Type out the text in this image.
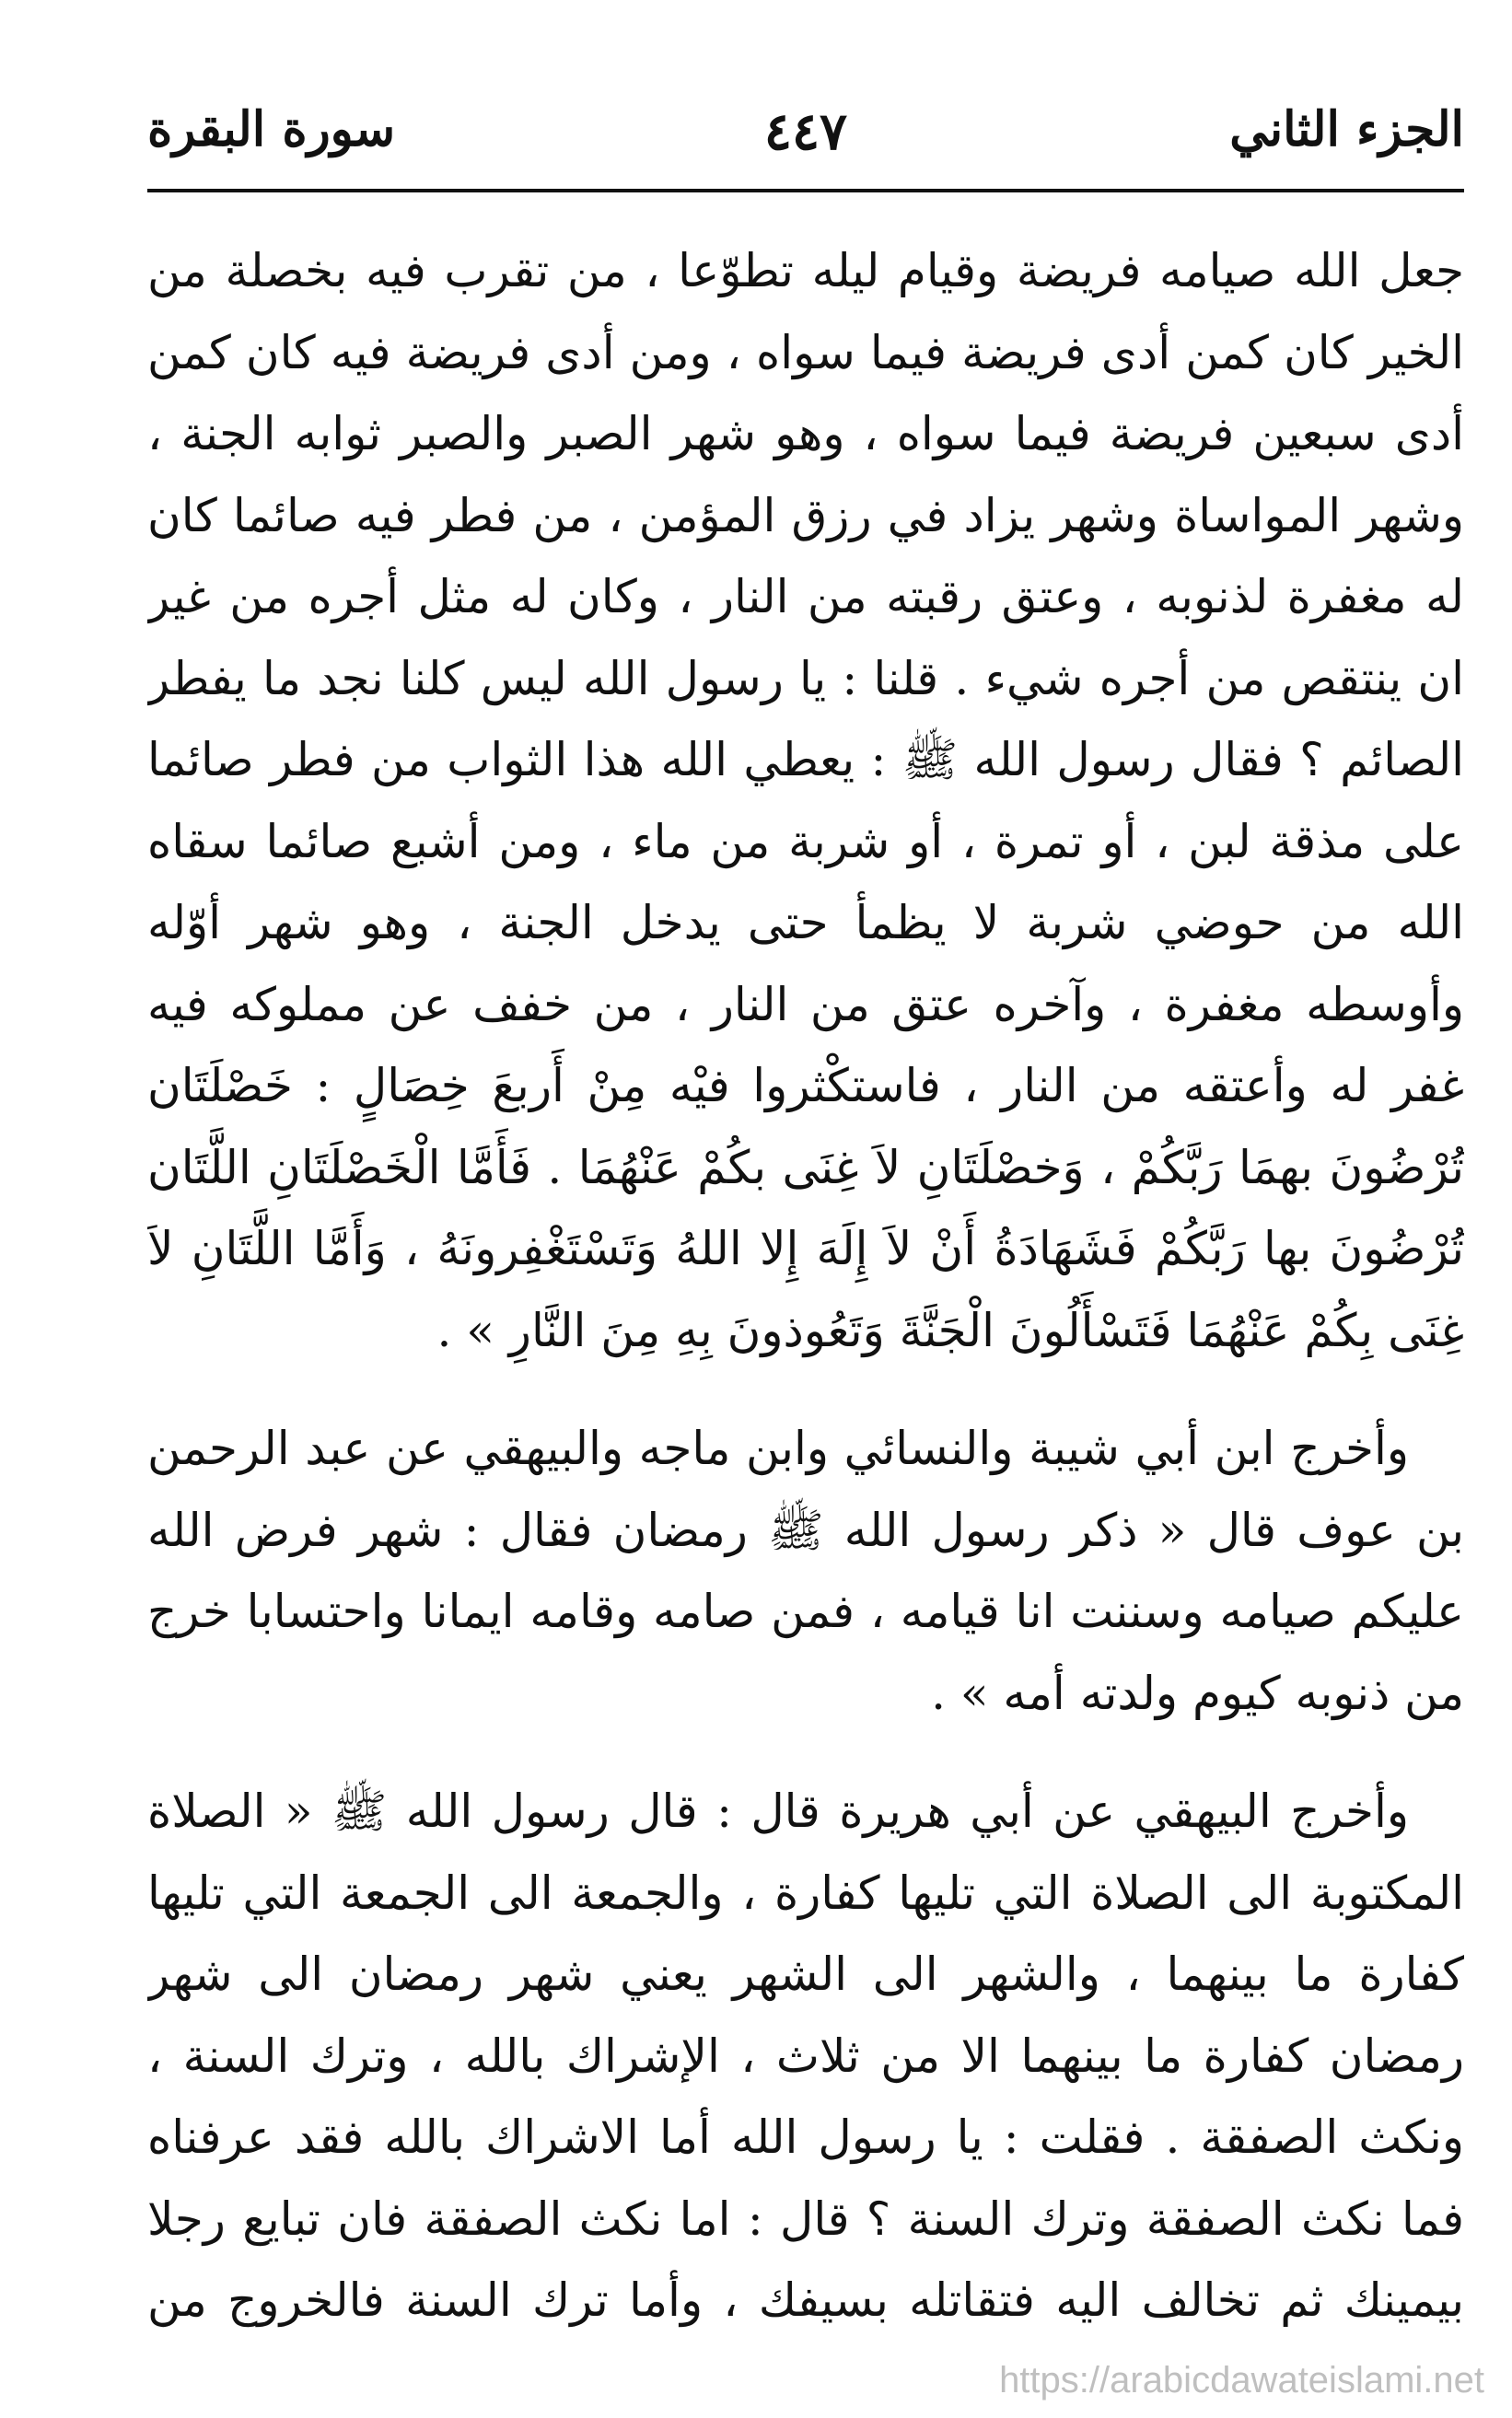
الجزء الثاني
٤٤٧
سورة البقرة

جعل الله صيامه فريضة وقيام ليله تطوّعا ، من تقرب فيه بخصلة من الخير كان كمن أدى فريضة فيما سواه ، ومن أدى فريضة فيه كان كمن أدى سبعين فريضة فيما سواه ، وهو شهر الصبر والصبر ثوابه الجنة ، وشهر المواساة وشهر يزاد في رزق المؤمن ، من فطر فيه صائما كان له مغفرة لذنوبه ، وعتق رقبته من النار ، وكان له مثل أجره من غير ان ينتقص من أجره شيء . قلنا : يا رسول الله ليس كلنا نجد ما يفطر الصائم ؟ فقال رسول الله ﷺ : يعطي الله هذا الثواب من فطر صائما على مذقة لبن ، أو تمرة ، أو شربة من ماء ، ومن أشبع صائما سقاه الله من حوضي شربة لا يظمأ حتى يدخل الجنة ، وهو شهر أوّله وأوسطه مغفرة ، وآخره عتق من النار ، من خفف عن مملوكه فيه غفر له وأعتقه من النار ، فاستكْثروا فيْه مِنْ أَربعَ خِصَالٍ : خَصْلَتَان تُرْضُونَ بهمَا رَبَّكُمْ ، وَخصْلَتَانِ لاَ غِنَى بكُمْ عَنْهُمَا . فَأَمَّا الْخَصْلَتَانِ اللَّتَان تُرْضُونَ بها رَبَّكُمْ فَشَهَادَةُ أَنْ لاَ إِلَهَ إِلا اللهُ وَتَسْتَغْفِرونَهُ ، وَأَمَّا اللَّتَانِ لاَ غِنَى بِكُمْ عَنْهُمَا فَتَسْأَلُونَ الْجَنَّةَ وَتَعُوذونَ بِهِ مِنَ النَّارِ » .

وأخرج ابن أبي شيبة والنسائي وابن ماجه والبيهقي عن عبد الرحمن بن عوف قال « ذكر رسول الله ﷺ رمضان فقال : شهر فرض الله عليكم صيامه وسننت انا قيامه ، فمن صامه وقامه ايمانا واحتسابا خرج من ذنوبه كيوم ولدته أمه » .

وأخرج البيهقي عن أبي هريرة قال : قال رسول الله ﷺ « الصلاة المكتوبة الى الصلاة التي تليها كفارة ، والجمعة الى الجمعة التي تليها كفارة ما بينهما ، والشهر الى الشهر يعني شهر رمضان الى شهر رمضان كفارة ما بينهما الا من ثلاث ، الإشراك بالله ، وترك السنة ، ونكث الصفقة . فقلت : يا رسول الله أما الاشراك بالله فقد عرفناه فما نكث الصفقة وترك السنة ؟ قال : اما نكث الصفقة فان تبايع رجلا بيمينك ثم تخالف اليه فتقاتله بسيفك ، وأما ترك السنة فالخروج من

https://arabicdawateislami.net
